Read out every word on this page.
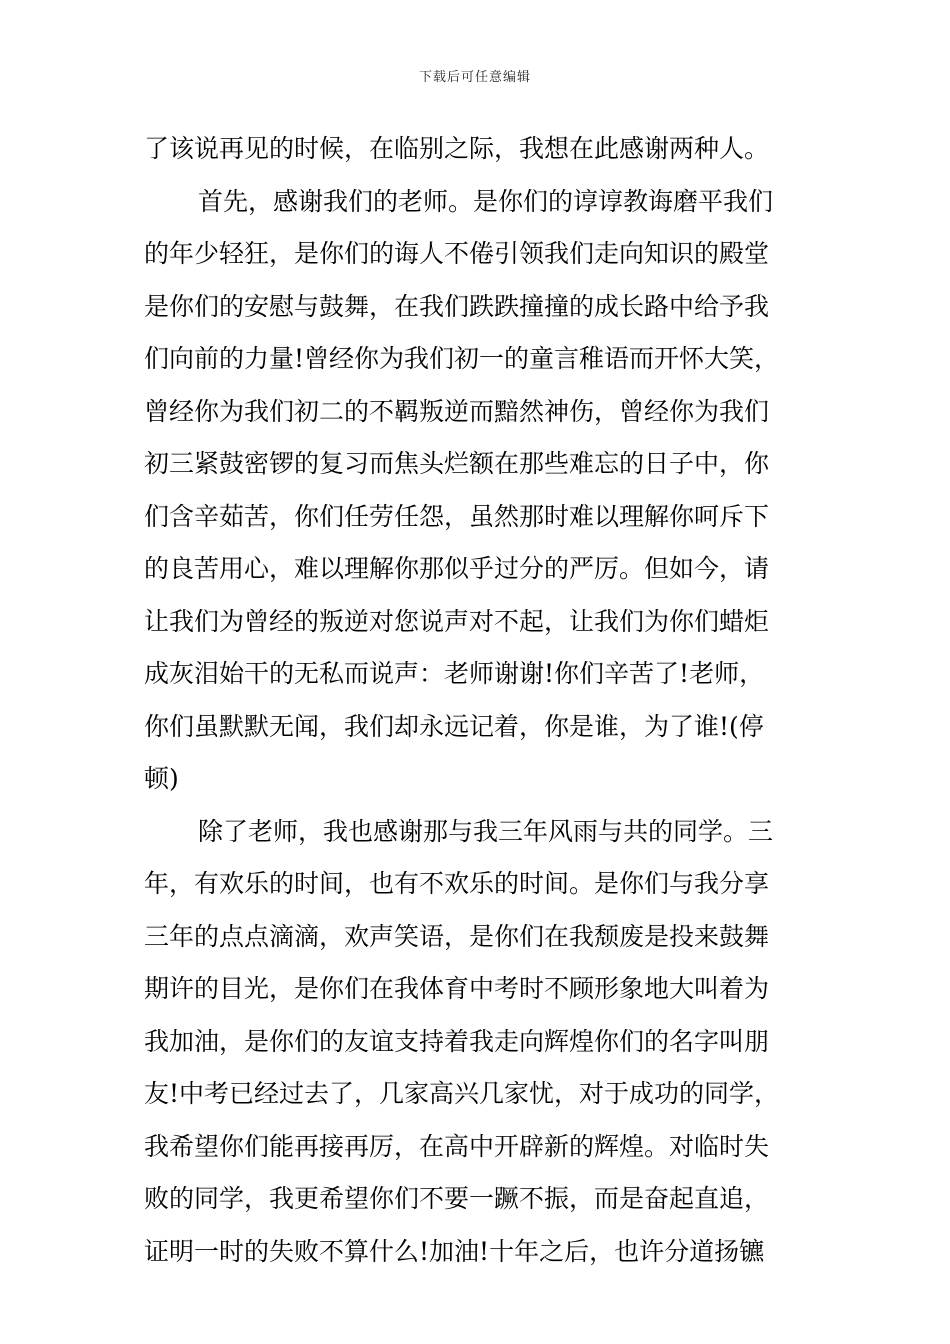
下载后可任意编辑
了该说再见的时候，在临别之际，我想在此感谢两种人。
首先，感谢我们的老师。是你们的谆谆教诲磨平我们
的年少轻狂，是你们的诲人不倦引领我们走向知识的殿堂
是你们的安慰与鼓舞，在我们跌跌撞撞的成长路中给予我
们向前的力量!曾经你为我们初一的童言稚语而开怀大笑，
曾经你为我们初二的不羁叛逆而黯然神伤，曾经你为我们
初三紧鼓密锣的复习而焦头烂额在那些难忘的日子中，你
们含辛茹苦，你们任劳任怨，虽然那时难以理解你呵斥下
的良苦用心，难以理解你那似乎过分的严厉。但如今，请
让我们为曾经的叛逆对您说声对不起，让我们为你们蜡炬
成灰泪始干的无私而说声：老师谢谢!你们辛苦了!老师，
你们虽默默无闻，我们却永远记着，你是谁，为了谁!(停
顿)
除了老师，我也感谢那与我三年风雨与共的同学。三
年，有欢乐的时间，也有不欢乐的时间。是你们与我分享
三年的点点滴滴，欢声笑语，是你们在我颓废是投来鼓舞
期许的目光，是你们在我体育中考时不顾形象地大叫着为
我加油，是你们的友谊支持着我走向辉煌你们的名字叫朋
友!中考已经过去了，几家高兴几家忧，对于成功的同学，
我希望你们能再接再厉，在高中开辟新的辉煌。对临时失
败的同学，我更希望你们不要一蹶不振，而是奋起直追，
证明一时的失败不算什么!加油!十年之后，也许分道扬镳
